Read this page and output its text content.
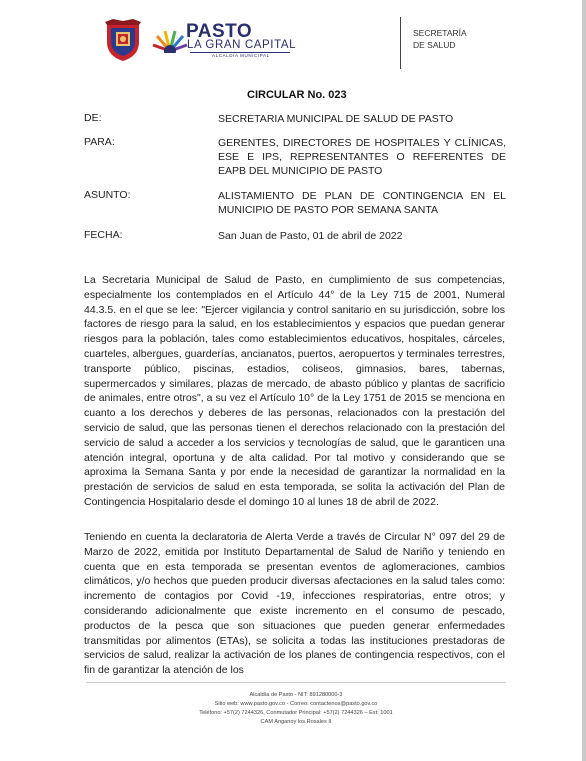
PASTO
LA GRAN CAPITAL
ALCALDÍA MUNICIPAL
SECRETARÍA
DE SALUD
CIRCULAR No. 023
DE:	SECRETARIA MUNICIPAL DE SALUD DE PASTO
PARA:	GERENTES, DIRECTORES DE HOSPITALES Y CLÍNICAS, ESE E IPS, REPRESENTANTES O REFERENTES DE EAPB DEL MUNICIPIO DE PASTO
ASUNTO:	ALISTAMIENTO DE PLAN DE CONTINGENCIA EN EL MUNICIPIO DE PASTO POR SEMANA SANTA
FECHA:	San Juan de Pasto, 01 de abril de 2022
La Secretaria Municipal de Salud de Pasto, en cumplimiento de sus competencias, especialmente los contemplados en el Artículo 44° de la Ley 715 de 2001, Numeral 44.3.5. en el que se lee: "Ejercer vigilancia y control sanitario en su jurisdicción, sobre los factores de riesgo para la salud, en los establecimientos y espacios que puedan generar riesgos para la población, tales como establecimientos educativos, hospitales, cárceles, cuarteles, albergues, guarderías, ancianatos, puertos, aeropuertos y terminales terrestres, transporte público, piscinas, estadios, coliseos, gimnasios, bares, tabernas, supermercados y similares, plazas de mercado, de abasto público y plantas de sacrificio de animales, entre otros", a su vez el Artículo 10° de la Ley 1751 de 2015 se menciona en cuanto a los derechos y deberes de las personas, relacionados con la prestación del servicio de salud, que las personas tienen el derechos relacionado con la prestación del servicio de salud a acceder a los servicios y tecnologías de salud, que le garanticen una atención integral, oportuna y de alta calidad. Por tal motivo y considerando que se aproxima la Semana Santa y por ende la necesidad de garantizar la normalidad en la prestación de servicios de salud en esta temporada, se solita la activación del Plan de Contingencia Hospitalario desde el domingo 10 al lunes 18 de abril de 2022.
Teniendo en cuenta la declaratoria de Alerta Verde a través de Circular N° 097 del 29 de Marzo de 2022, emitida por Instituto Departamental de Salud de Nariño y teniendo en cuenta que en esta temporada se presentan eventos de aglomeraciones, cambios climáticos, y/o hechos que pueden producir diversas afectaciones en la salud tales como: incremento de contagios por Covid -19, infecciones respiratorias, entre otros; y considerando adicionalmente que existe incremento en el consumo de pescado, productos de la pesca que son situaciones que pueden generar enfermedades transmitidas por alimentos (ETAs), se solicita a todas las instituciones prestadoras de servicios de salud, realizar la activación de los planes de contingencia respectivos, con el fin de garantizar la atención de los
Alcaldía de Pasto - NIT: 891280000-3
Sitio web: www.pasto.gov.co - Correo: contactenos@pasto.gov.co
Teléfono: +57(2) 7244326, Conmutador Principal: +57(2) 7244326 – Ext: 1001
CAM Anganoy los Rosales II
